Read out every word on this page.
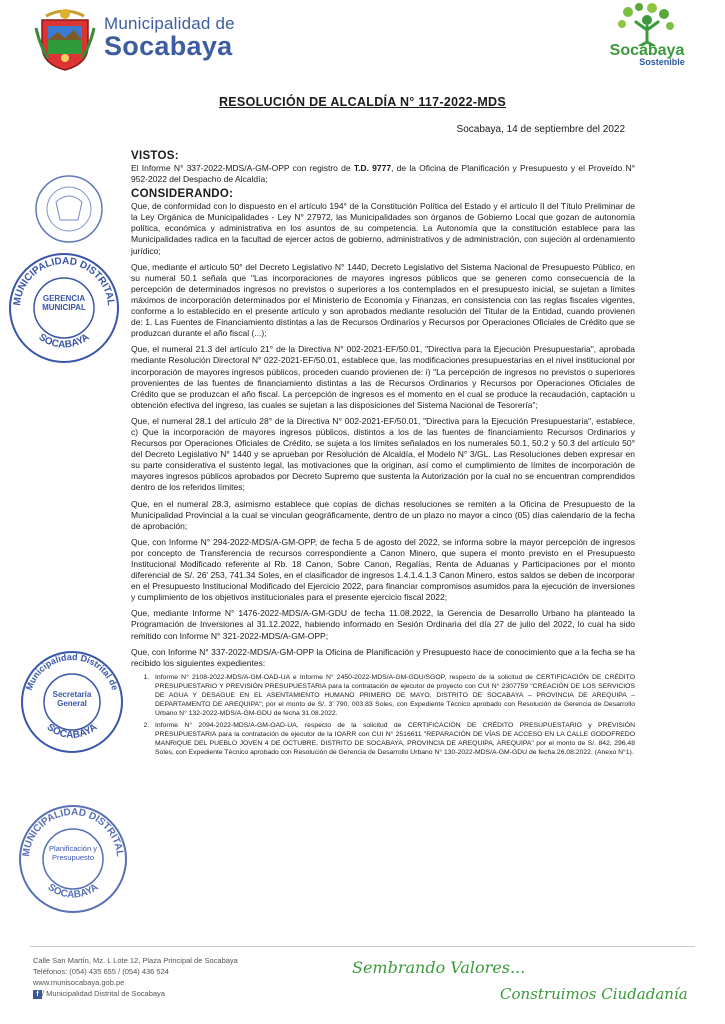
Municipalidad de
Socabaya	Socabaya
Sostenible
RESOLUCIÓN DE ALCALDÍA N° 117-2022-MDS
Socabaya, 14 de septiembre del 2022
VISTOS:

El Informe N° 337-2022-MDS/A-GM-OPP con registro de T.D. 9777, de la Oficina de Planificación y Presupuesto y el Proveído N° 952-2022 del Despacho de Alcaldía;

CONSIDERANDO:

Que, de conformidad con lo dispuesto en el artículo 194° de la Constitución Política del Estado y el artículo II del Título Preliminar de la Ley Orgánica de Municipalidades - Ley N° 27972, las Municipalidades son órganos de Gobierno Local que gozan de autonomía política, económica y administrativa en los asuntos de su competencia. La Autonomía que la constitución establece para las Municipalidades radica en la facultad de ejercer actos de gobierno, administrativos y de administración, con sujeción al ordenamiento jurídico;

Que, mediante el artículo 50° del Decreto Legislativo N° 1440, Decreto Legislativo del Sistema Nacional de Presupuesto Público, en su numeral 50.1 señala que "Las incorporaciones de mayores ingresos públicos que se generen como consecuencia de la percepción de determinados ingresos no previstos o superiores a los contemplados en el presupuesto inicial, se sujetan a límites máximos de incorporación determinados por el Ministerio de Economía y Finanzas, en consistencia con las reglas fiscales vigentes, conforme a lo establecido en el presente artículo y son aprobados mediante resolución del Titular de la Entidad, cuando provienen de: 1. Las Fuentes de Financiamiento distintas a las de Recursos Ordinarios y Recursos por Operaciones Oficiales de Crédito que se produzcan durante el año fiscal (...);

Que, el numeral 21.3 del artículo 21° de la Directiva N° 002-2021-EF/50.01, "Directiva para la Ejecución Presupuestaria", aprobada mediante Resolución Directoral N° 022-2021-EF/50.01, establece que, las modificaciones presupuestarias en el nivel institucional por incorporación de mayores ingresos públicos, proceden cuando provienen de: i) "La percepción de ingresos no previstos o superiores provenientes de las fuentes de financiamiento distintas a las de Recursos Ordinarios y Recursos por Operaciones Oficiales de Crédito que se produzcan el año fiscal. La percepción de ingresos es el momento en el cual se produce la recaudación, captación u obtención efectiva del ingreso, las cuales se sujetan a las disposiciones del Sistema Nacional de Tesorería";

Que, el numeral 28.1 del artículo 28° de la Directiva N° 002-2021-EF/50.01, "Directiva para la Ejecución Presupuestaria", establece, c) Que la incorporación de mayores ingresos públicos, distintos a los de las fuentes de financiamiento Recursos Ordinarios y Recursos por Operaciones Oficiales de Crédito, se sujeta a los límites señalados en los numerales 50.1, 50.2 y 50.3 del artículo 50° del Decreto Legislativo N° 1440 y se aprueban por Resolución de Alcaldía, el Modelo N° 3/GL. Las Resoluciones deben expresar en su parte considerativa el sustento legal, las motivaciones que la originan, así como el cumplimiento de límites de incorporación de mayores ingresos públicos aprobados por Decreto Supremo que sustenta la Autorización por la cual no se encuentran comprendidos dentro de los referidos límites;

Que, en el numeral 28.3, asimismo establece que copias de dichas resoluciones se remiten a la Oficina de Presupuesto de la Municipalidad Provincial a la cual se vinculan geográficamente, dentro de un plazo no mayor a cinco (05) días calendario de la fecha de aprobación;

Que, con Informe N° 294-2022-MDS/A-GM-OPP, de fecha 5 de agosto del 2022, se informa sobre la mayor percepción de ingresos por concepto de Transferencia de recursos correspondiente a Canon Minero, que supera el monto previsto en el Presupuesto Institucional Modificado referente al Rb. 18 Canon, Sobre Canon, Regalías, Renta de Aduanas y Participaciones por el monto diferencial de S/. 26' 253, 741.34 Soles, en el clasificador de ingresos 1.4.1.4.1.3 Canon Minero, estos saldos se deben de incorporar en el Presupuesto Institucional Modificado del Ejercicio 2022, para financiar compromisos asumidos para la ejecución de inversiones y cumplimiento de los objetivos institucionales para el presente ejercicio fiscal 2022;

Que, mediante Informe N° 1476-2022-MDS/A-GM-GDU de fecha 11.08.2022, la Gerencia de Desarrollo Urbano ha planteado la Programación de Inversiones al 31.12.2022, habiendo informado en Sesión Ordinaria del día 27 de julio del 2022, lo cual ha sido remitido con Informe N° 321-2022-MDS/A-GM-OPP;

Que, con Informe N° 337-2022-MDS/A-GM-OPP la Oficina de Planificación y Presupuesto hace de conocimiento que a la fecha se ha recibido los siguientes expedientes:

1. Informe N° 2108-2022-MDS/A-GM-OAD-UA e Informe N° 2450-2022-MDS/A-GM-GDU/SGOP, respecto de la solicitud de CERTIFICACIÓN DE CRÉDITO PRESUPUESTARIO Y PREVISIÓN PRESUPUESTARIA para la contratación de ejecutor de proyecto con CUI N° 2307759 "CREACIÓN DE LOS SERVICIOS DE AGUA Y DESAGUE EN EL ASENTAMIENTO HUMANO PRIMERO DE MAYO, DISTRITO DE SOCABAYA – PROVINCIA DE AREQUIPA – DEPARTAMENTO DE AREQUIPA"; por el monto de S/. 3' 790, 003.83 Soles, con Expediente Técnico aprobado con Resolución de Gerencia de Desarrollo Urbano N° 132-2022-MDS/A-GM-GDU de fecha 31.08.2022.
2. Informe N° 2094-2022-MDS/A-GM-OAD-UA, respecto de la solicitud de CERTIFICACIÓN DE CRÉDITO PRESUPUESTARIO y PREVISIÓN PRESUPUESTARIA para la contratación de ejecutor de la IOARR con CUI N° 2516611 "REPARACIÓN DE VÍAS DE ACCESO EN LA CALLE GODOFREDO MANRIQUE DEL PUEBLO JOVEN 4 DE OCTUBRE, DISTRITO DE SOCABAYA, PROVINCIA DE AREQUIPA, AREQUIPA" por el monto de S/. 842, 296.48 Soles, con Expediente Técnico aprobado con Resolución de Gerencia de Desarrollo Urbano N° 130-2022-MDS/A-GM-GDU de fecha 26.08.2022. (Anexo N°1).
MUNICIPALIDAD DISTRITAL
SOCABAYA
GERENCIA MUNICIPAL
Municipalidad Distrital de
SOCABAYA
Secretaría General
MUNICIPALIDAD DISTRITAL
SOCABAYA
Planificación y Presupuesto
Calle San Martín, Mz. L Lote 12, Plaza Principal de Socabaya
Teléfonos: (054) 435 655 / (054) 436 524
www.munisocabaya.gob.pe
f / Municipalidad Distrital de Socabaya
Sembrando Valores...
Construimos Ciudadanía
